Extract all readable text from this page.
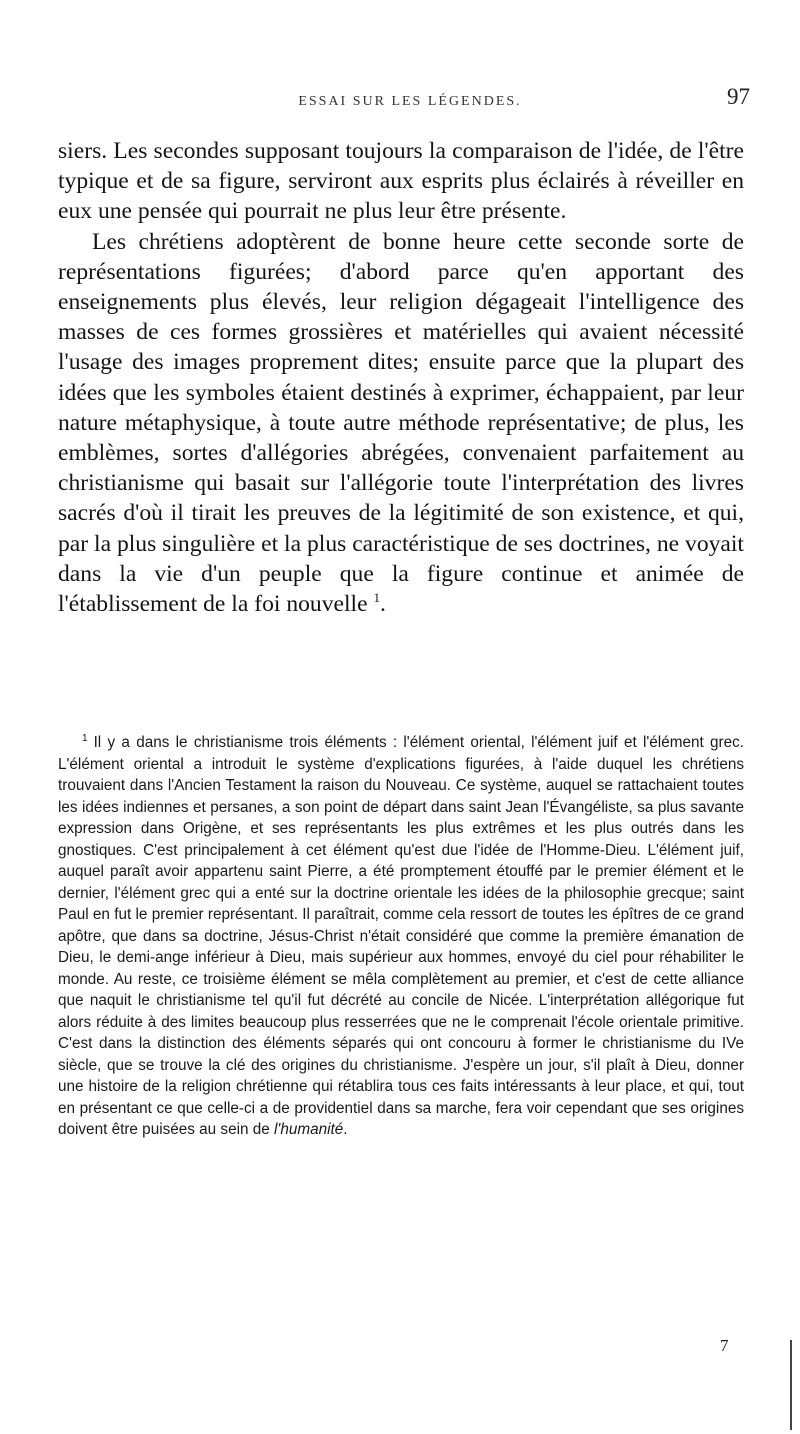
ESSAI SUR LES LÉGENDES.	97

siers. Les secondes supposant toujours la comparaison de l'idée, de l'être typique et de sa figure, serviront aux esprits plus éclairés à réveiller en eux une pensée qui pourrait ne plus leur être présente.

Les chrétiens adoptèrent de bonne heure cette seconde sorte de représentations figurées; d'abord parce qu'en apportant des enseignements plus élevés, leur religion dégageait l'intelligence des masses de ces formes grossières et matérielles qui avaient nécessité l'usage des images proprement dites; ensuite parce que la plupart des idées que les symboles étaient destinés à exprimer, échappaient, par leur nature métaphysique, à toute autre méthode représentative; de plus, les emblèmes, sortes d'allégories abrégées, convenaient parfaitement au christianisme qui basait sur l'allégorie toute l'interprétation des livres sacrés d'où il tirait les preuves de la légitimité de son existence, et qui, par la plus singulière et la plus caractéristique de ses doctrines, ne voyait dans la vie d'un peuple que la figure continue et animée de l'établissement de la foi nouvelle $^1$.

$^1$ Il y a dans le christianisme trois éléments : l'élément oriental, l'élément juif et l'élément grec. L'élément oriental a introduit le système d'explications figurées, à l'aide duquel les chrétiens trouvaient dans l'Ancien Testament la raison du Nouveau. Ce système, auquel se rattachaient toutes les idées indiennes et persanes, a son point de départ dans saint Jean l'Évangéliste, sa plus savante expression dans Origène, et ses représentants les plus extrêmes et les plus outrés dans les gnostiques. C'est principalement à cet élément qu'est due l'idée de l'Homme-Dieu. L'élément juif, auquel paraît avoir appartenu saint Pierre, a été promptement étouffé par le premier élément et le dernier, l'élément grec qui a enté sur la doctrine orientale les idées de la philosophie grecque; saint Paul en fut le premier représentant. Il paraîtrait, comme cela ressort de toutes les épîtres de ce grand apôtre, que dans sa doctrine, Jésus-Christ n'était considéré que comme la première émanation de Dieu, le demi-ange inférieur à Dieu, mais supérieur aux hommes, envoyé du ciel pour réhabiliter le monde. Au reste, ce troisième élément se mêla complètement au premier, et c'est de cette alliance que naquit le christianisme tel qu'il fut décrété au concile de Nicée. L'interprétation allégorique fut alors réduite à des limites beaucoup plus resserrées que ne le comprenait l'école orientale primitive. C'est dans la distinction des éléments séparés qui ont concouru à former le christianisme du IVe siècle, que se trouve la clé des origines du christianisme. J'espère un jour, s'il plaît à Dieu, donner une histoire de la religion chrétienne qui rétablira tous ces faits intéressants à leur place, et qui, tout en présentant ce que celle-ci a de providentiel dans sa marche, fera voir cependant que ses origines doivent être puisées au sein de l'humanité.

7
